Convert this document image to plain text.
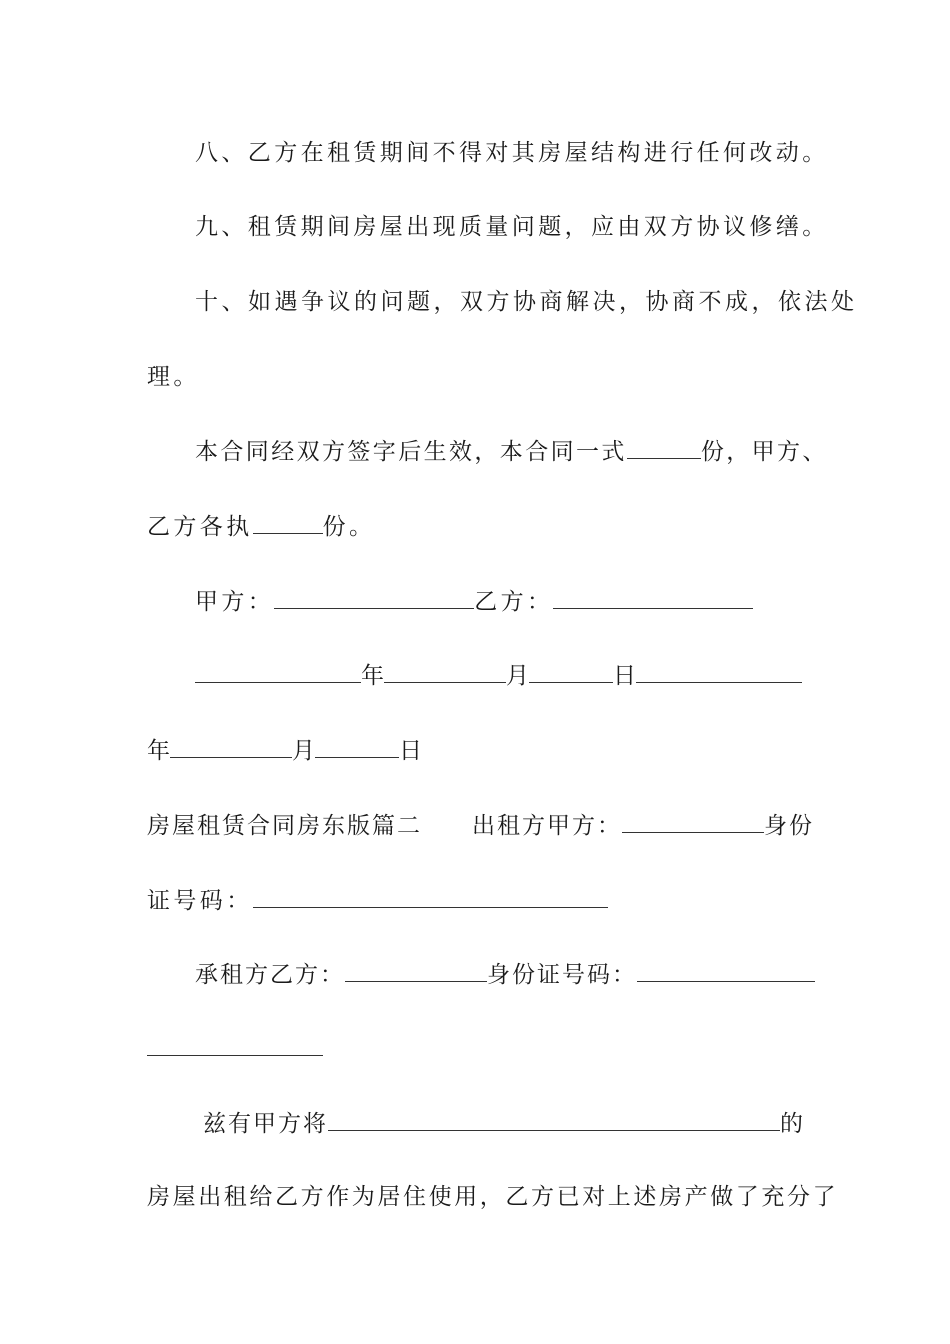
八、乙方在租赁期间不得对其房屋结构进行任何改动。
九、租赁期间房屋出现质量问题，应由双方协议修缮。
十、如遇争议的问题，双方协商解决，协商不成，依法处
理。
本合同经双方签字后生效，本合同一式	份，甲方、
乙方各执	份。
甲方：	乙方：
年	月	日
年	月	日
房屋租赁合同房东版篇二 出租方甲方：	身份
证号码：
承租方乙方：	身份证号码：
兹有甲方将	的
房屋出租给乙方作为居住使用，乙方已对上述房产做了充分了
